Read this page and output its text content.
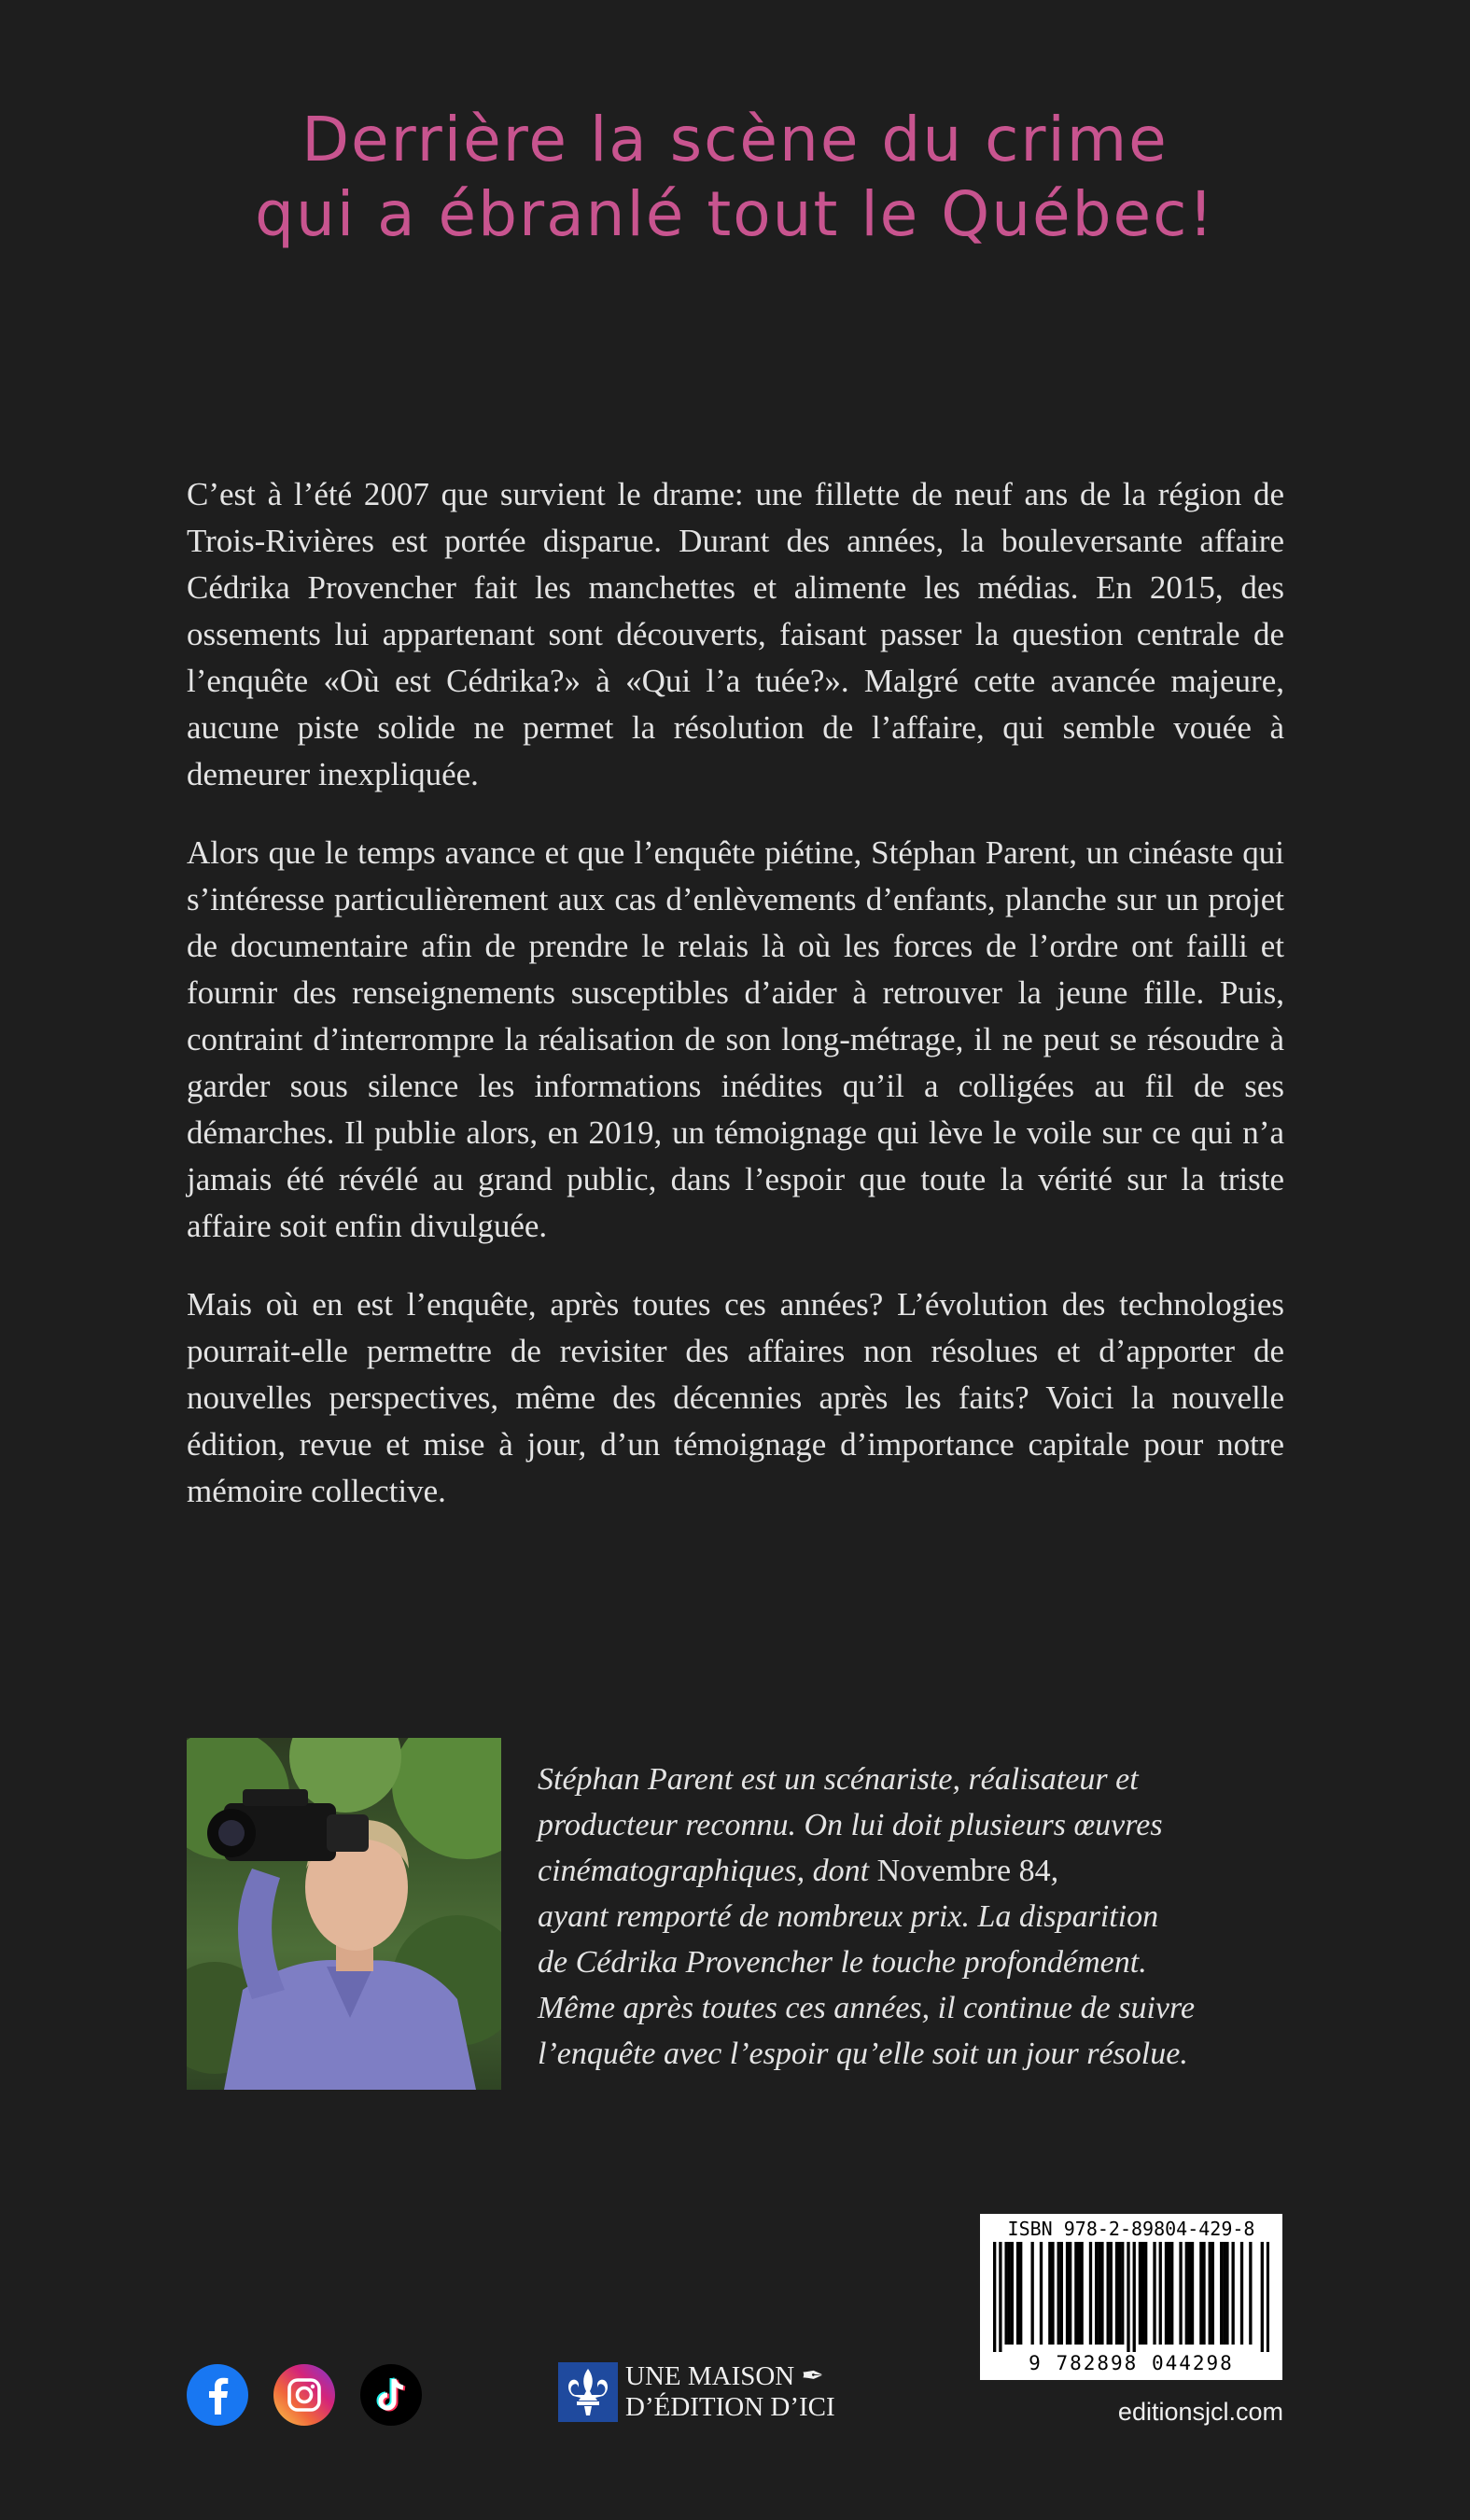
Derrière la scène du crime
qui a ébranlé tout le Québec!

C’est à l’été 2007 que survient le drame: une fillette de neuf ans de la région de Trois-Rivières est portée disparue. Durant des années, la bouleversante affaire Cédrika Provencher fait les manchettes et alimente les médias. En 2015, des ossements lui appartenant sont découverts, faisant passer la question centrale de l’enquête «Où est Cédrika?» à «Qui l’a tuée?». Malgré cette avancée majeure, aucune piste solide ne permet la résolution de l’affaire, qui semble vouée à demeurer inexpliquée.

Alors que le temps avance et que l’enquête piétine, Stéphan Parent, un cinéaste qui s’intéresse particulièrement aux cas d’enlèvements d’enfants, planche sur un projet de documentaire afin de prendre le relais là où les forces de l’ordre ont failli et fournir des renseignements susceptibles d’aider à retrouver la jeune fille. Puis, contraint d’interrompre la réalisation de son long-métrage, il ne peut se résoudre à garder sous silence les informations inédites qu’il a colligées au fil de ses démarches. Il publie alors, en 2019, un témoignage qui lève le voile sur ce qui n’a jamais été révélé au grand public, dans l’espoir que toute la vérité sur la triste affaire soit enfin divulguée.

Mais où en est l’enquête, après toutes ces années? L’évolution des technologies pourrait-elle permettre de revisiter des affaires non résolues et d’apporter de nouvelles perspectives, même des décennies après les faits? Voici la nouvelle édition, revue et mise à jour, d’un témoignage d’importance capitale pour notre mémoire collective.

Stéphan Parent est un scénariste, réalisateur et
producteur reconnu. On lui doit plusieurs œuvres
cinématographiques, dont Novembre 84,
ayant remporté de nombreux prix. La disparition
de Cédrika Provencher le touche profondément.
Même après toutes ces années, il continue de suivre
l’enquête avec l’espoir qu’elle soit un jour résolue.
ISBN 978-2-89804-429-8
9 782898 044298
UNE MAISON ✒
D’ÉDITION D’ICI	editionsjcl.com
